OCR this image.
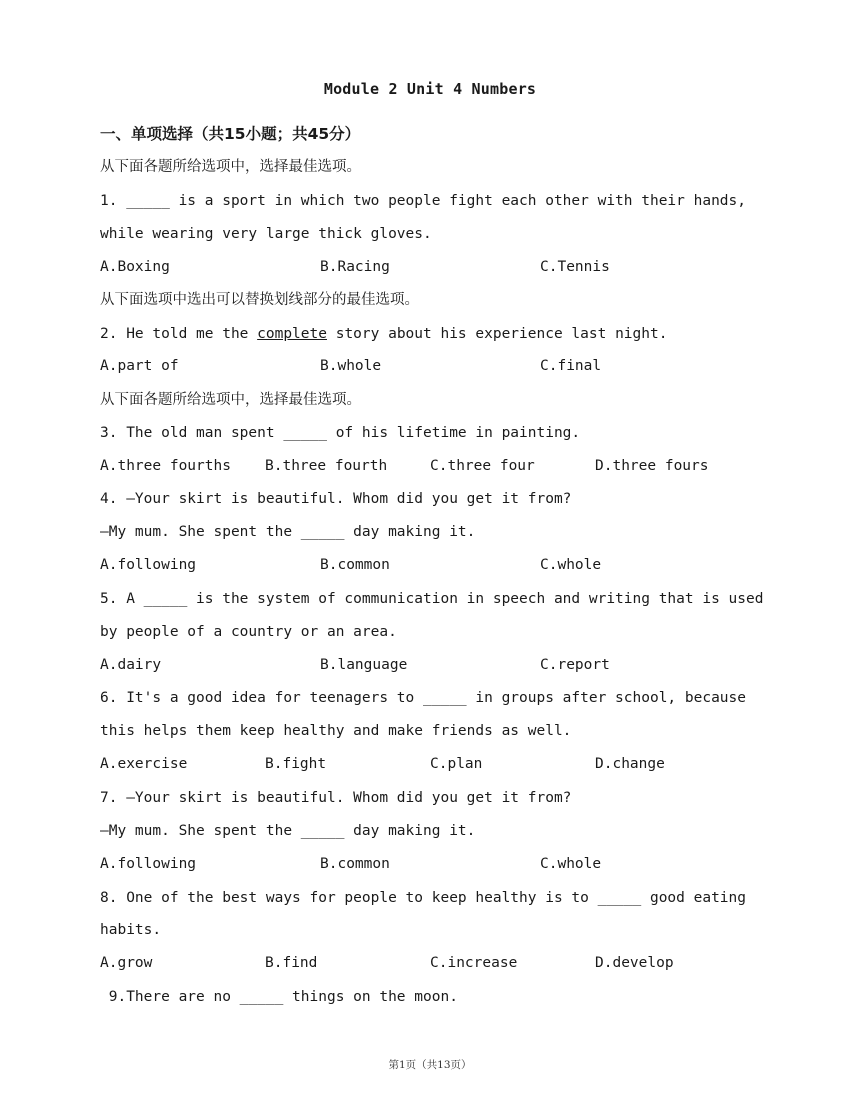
Module 2 Unit 4 Numbers
一、单项选择（共15小题；共45分）
从下面各题所给选项中，选择最佳选项。
1. _____ is a sport in which two people fight each other with their hands,
while wearing very large thick gloves.
A.Boxing	B.Racing	C.Tennis
从下面选项中选出可以替换划线部分的最佳选项。
2. He told me the complete story about his experience last night.
A.part of	B.whole	C.final
从下面各题所给选项中，选择最佳选项。
3. The old man spent _____ of his lifetime in painting.
A.three fourths B.three fourth	C.three four	D.three fours
4. —Your skirt is beautiful. Whom did you get it from?
—My mum. She spent the _____ day making it.
A.following	B.common	C.whole
5. A _____ is the system of communication in speech and writing that is used
by people of a country or an area.
A.dairy	B.language	C.report
6. It's a good idea for teenagers to _____ in groups after school, because
this helps them keep healthy and make friends as well.
A.exercise	B.fight	C.plan	D.change
7. —Your skirt is beautiful. Whom did you get it from?
—My mum. She spent the _____ day making it.
A.following	B.common	C.whole
8. One of the best ways for people to keep healthy is to _____ good eating
habits.
A.grow	B.find	C.increase	D.develop
9.There are no _____ things on the moon.
第1页（共13页）
